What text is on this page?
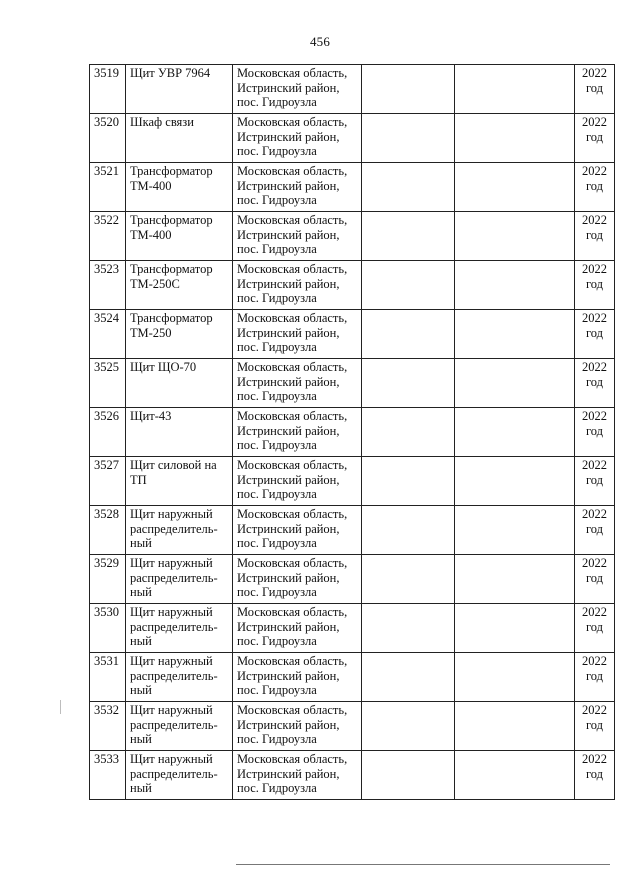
456
3519	Щит УВР 7964	Московская область,
Истринский район,
пос. Гидроузла			2022
год
3520	Шкаф связи	Московская область,
Истринский район,
пос. Гидроузла			2022
год
3521	Трансформатор
ТМ-400	Московская область,
Истринский район,
пос. Гидроузла			2022
год
3522	Трансформатор
ТМ-400	Московская область,
Истринский район,
пос. Гидроузла			2022
год
3523	Трансформатор
ТМ-250С	Московская область,
Истринский район,
пос. Гидроузла			2022
год
3524	Трансформатор
ТМ-250	Московская область,
Истринский район,
пос. Гидроузла			2022
год
3525	Щит ЩО-70	Московская область,
Истринский район,
пос. Гидроузла			2022
год
3526	Щит-43	Московская область,
Истринский район,
пос. Гидроузла			2022
год
3527	Щит силовой на
ТП	Московская область,
Истринский район,
пос. Гидроузла			2022
год
3528	Щит наружный
распределитель-
ный	Московская область,
Истринский район,
пос. Гидроузла			2022
год
3529	Щит наружный
распределитель-
ный	Московская область,
Истринский район,
пос. Гидроузла			2022
год
3530	Щит наружный
распределитель-
ный	Московская область,
Истринский район,
пос. Гидроузла			2022
год
3531	Щит наружный
распределитель-
ный	Московская область,
Истринский район,
пос. Гидроузла			2022
год
3532	Щит наружный
распределитель-
ный	Московская область,
Истринский район,
пос. Гидроузла			2022
год
3533	Щит наружный
распределитель-
ный	Московская область,
Истринский район,
пос. Гидроузла			2022
год
